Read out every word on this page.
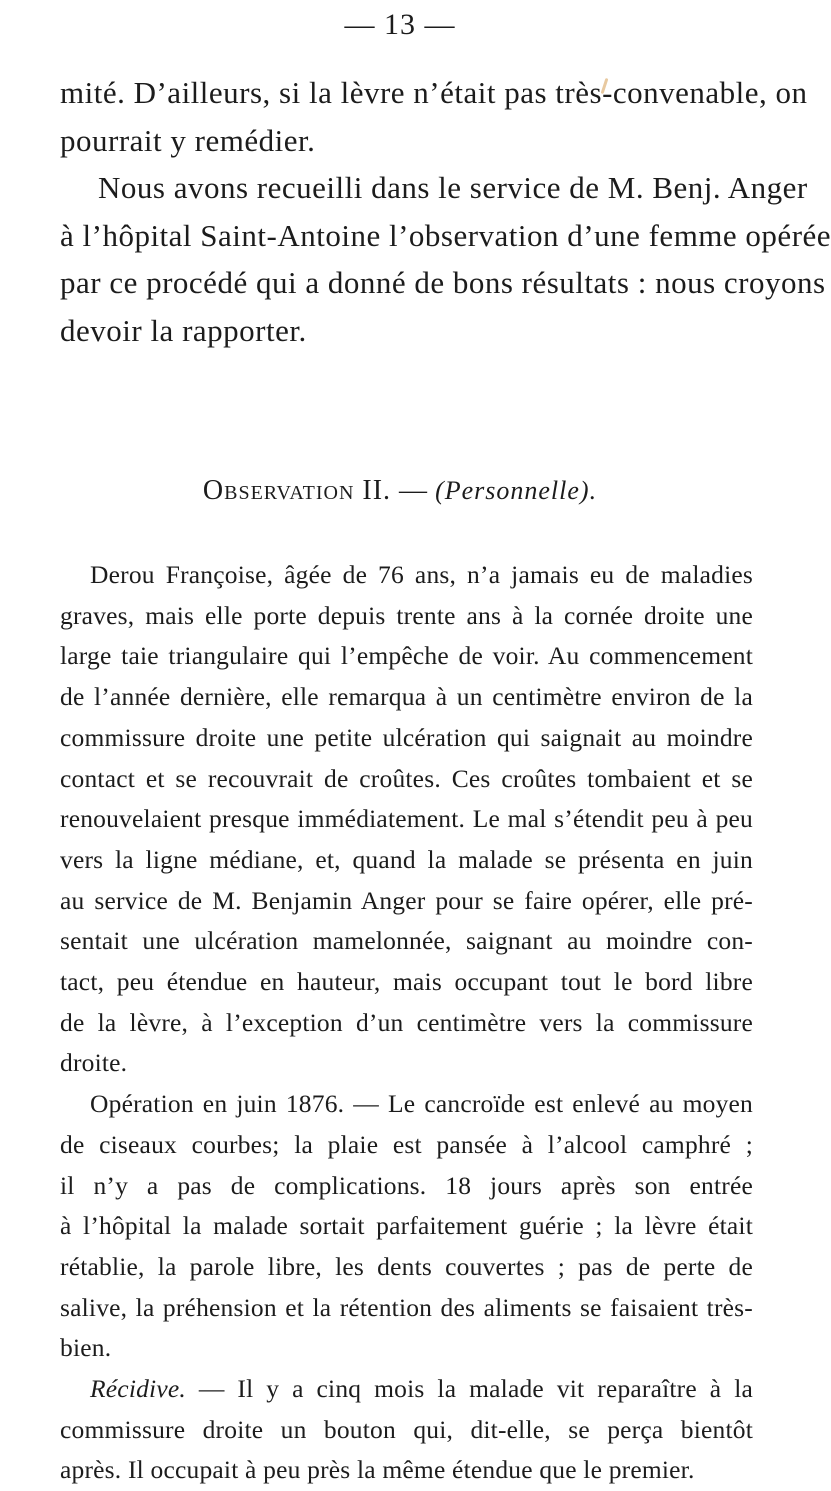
— 13 —
mité. D’ailleurs, si la lèvre n’était pas très-convenable, on
pourrait y remédier.
Nous avons recueilli dans le service de M. Benj. Anger
à l’hôpital Saint-Antoine l’observation d’une femme opérée
par ce procédé qui a donné de bons résultats : nous croyons
devoir la rapporter.
Observation II. — (Personnelle).
Derou Françoise, âgée de 76 ans, n’a jamais eu de maladies
graves, mais elle porte depuis trente ans à la cornée droite une
large taie triangulaire qui l’empêche de voir. Au commencement
de l’année dernière, elle remarqua à un centimètre environ de la
commissure droite une petite ulcération qui saignait au moindre
contact et se recouvrait de croûtes. Ces croûtes tombaient et se
renouvelaient presque immédiatement. Le mal s’étendit peu à peu
vers la ligne médiane, et, quand la malade se présenta en juin
au service de M. Benjamin Anger pour se faire opérer, elle pré-
sentait une ulcération mamelonnée, saignant au moindre con-
tact, peu étendue en hauteur, mais occupant tout le bord libre
de la lèvre, à l’exception d’un centimètre vers la commissure
droite.
Opération en juin 1876. — Le cancroïde est enlevé au moyen
de ciseaux courbes; la plaie est pansée à l’alcool camphré ;
il n’y a pas de complications. 18 jours après son entrée
à l’hôpital la malade sortait parfaitement guérie ; la lèvre était
rétablie, la parole libre, les dents couvertes ; pas de perte de
salive, la préhension et la rétention des aliments se faisaient très-
bien.
Récidive. — Il y a cinq mois la malade vit reparaître à la
commissure droite un bouton qui, dit-elle, se perça bientôt
après. Il occupait à peu près la même étendue que le premier.
